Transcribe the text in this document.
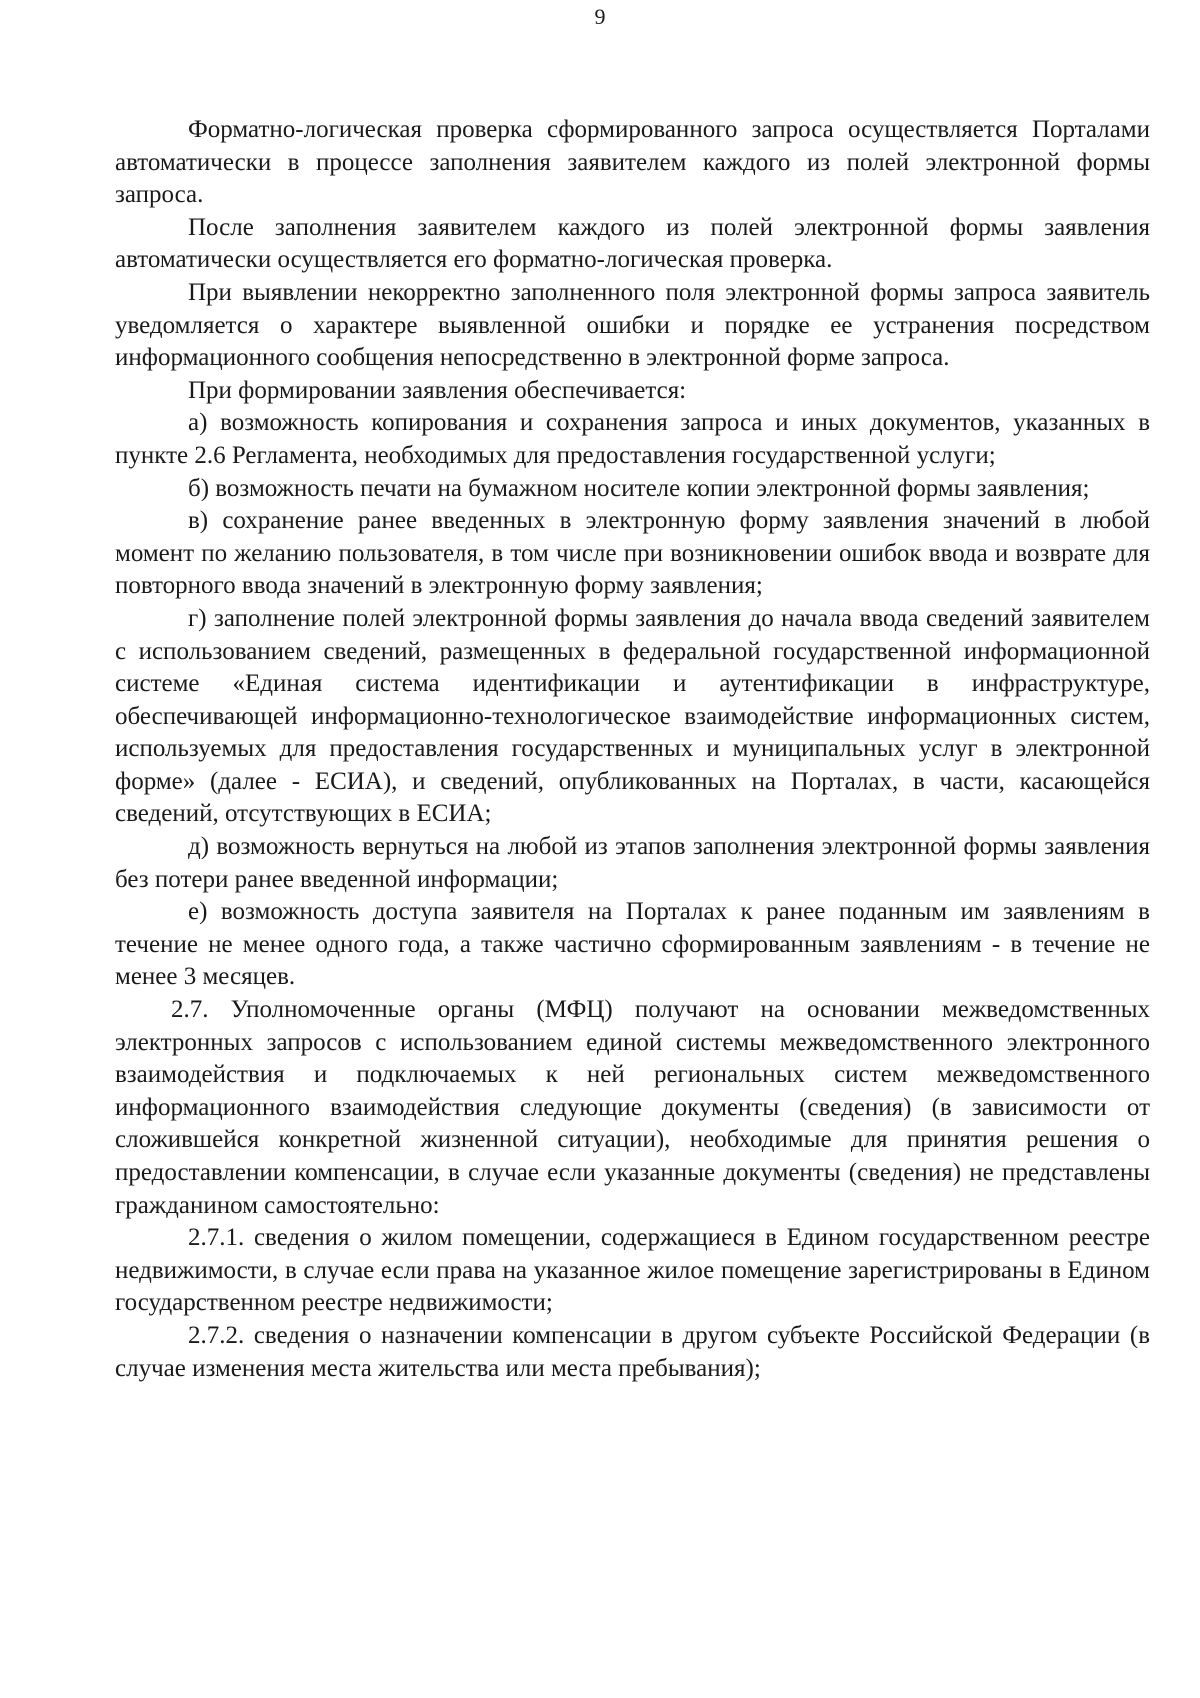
9

Форматно-логическая проверка сформированного запроса осуществляется Порталами автоматически в процессе заполнения заявителем каждого из полей электронной формы запроса.

После заполнения заявителем каждого из полей электронной формы заявления автоматически осуществляется его форматно-логическая проверка.

При выявлении некорректно заполненного поля электронной формы запроса заявитель уведомляется о характере выявленной ошибки и порядке ее устранения посредством информационного сообщения непосредственно в электронной форме запроса.

При формировании заявления обеспечивается:

а) возможность копирования и сохранения запроса и иных документов, указанных в пункте 2.6 Регламента, необходимых для предоставления государственной услуги;

б) возможность печати на бумажном носителе копии электронной формы заявления;

в) сохранение ранее введенных в электронную форму заявления значений в любой момент по желанию пользователя, в том числе при возникновении ошибок ввода и возврате для повторного ввода значений в электронную форму заявления;

г) заполнение полей электронной формы заявления до начала ввода сведений заявителем с использованием сведений, размещенных в федеральной государственной информационной системе «Единая система идентификации и аутентификации в инфраструктуре, обеспечивающей информационно-технологическое взаимодействие информационных систем, используемых для предоставления государственных и муниципальных услуг в электронной форме» (далее - ЕСИА), и сведений, опубликованных на Порталах, в части, касающейся сведений, отсутствующих в ЕСИА;

д) возможность вернуться на любой из этапов заполнения электронной формы заявления без потери ранее введенной информации;

е) возможность доступа заявителя на Порталах к ранее поданным им заявлениям в течение не менее одного года, а также частично сформированным заявлениям - в течение не менее 3 месяцев.

2.7. Уполномоченные органы (МФЦ) получают на основании межведомственных электронных запросов с использованием единой системы межведомственного электронного взаимодействия и подключаемых к ней региональных систем межведомственного информационного взаимодействия следующие документы (сведения) (в зависимости от сложившейся конкретной жизненной ситуации), необходимые для принятия решения о предоставлении компенсации, в случае если указанные документы (сведения) не представлены гражданином самостоятельно:

2.7.1. сведения о жилом помещении, содержащиеся в Едином государственном реестре недвижимости, в случае если права на указанное жилое помещение зарегистрированы в Едином государственном реестре недвижимости;

2.7.2. сведения о назначении компенсации в другом субъекте Российской Федерации (в случае изменения места жительства или места пребывания);
